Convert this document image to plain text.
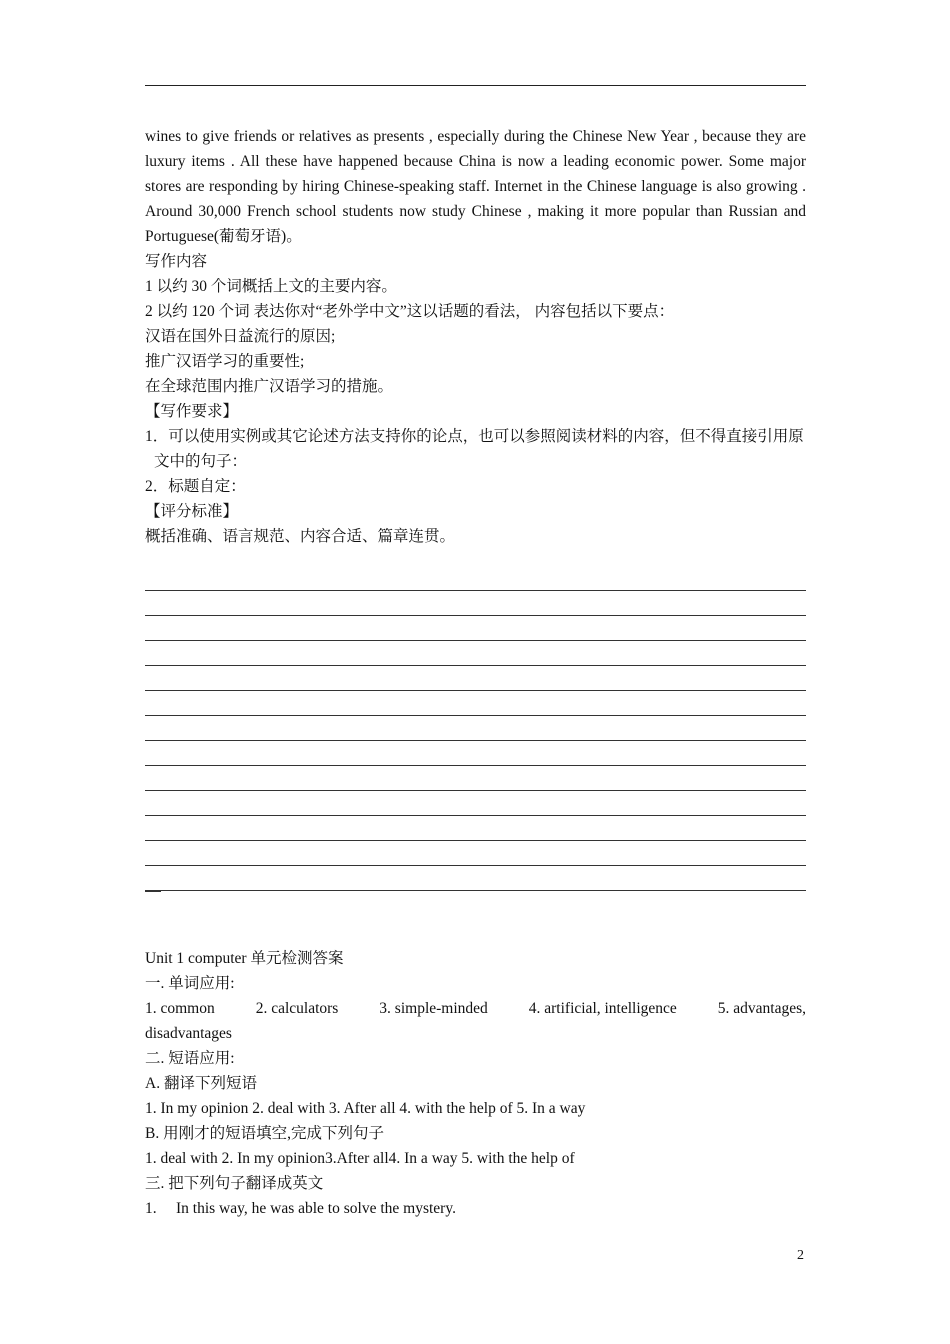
wines to give friends or relatives as presents , especially during the Chinese New Year , because they are luxury items . All these have happened because China is now a leading economic power. Some major stores are responding by hiring Chinese-speaking staff. Internet in the Chinese language is also growing . Around 30,000 French school students now study Chinese , making it more popular than Russian and Portuguese(葡萄牙语)。

写作内容

1 以约 30 个词概括上文的主要内容。

2 以约 120 个词 表达你对“老外学中文”这以话题的看法， 内容包括以下要点：

汉语在国外日益流行的原因;

推广汉语学习的重要性;

在全球范围内推广汉语学习的措施。

【写作要求】

1．可以使用实例或其它论述方法支持你的论点，也可以参照阅读材料的内容，但不得直接引用原文中的句子：

2．标题自定：

【评分标准】

概括准确、语言规范、内容合适、篇章连贯。

Unit 1 computer 单元检测答案

一. 单词应用:

1. common	2. calculators	3. simple-minded	4. artificial, intelligence	5. advantages,

disadvantages

二. 短语应用:

A. 翻译下列短语

1. In my opinion 2. deal with 3. After all 4. with the help of 5. In a way

B. 用刚才的短语填空,完成下列句子

1. deal with 2. In my opinion3.After all4. In a way 5. with the help of

三. 把下列句子翻译成英文

1.     In this way, he was able to solve the mystery.

2
